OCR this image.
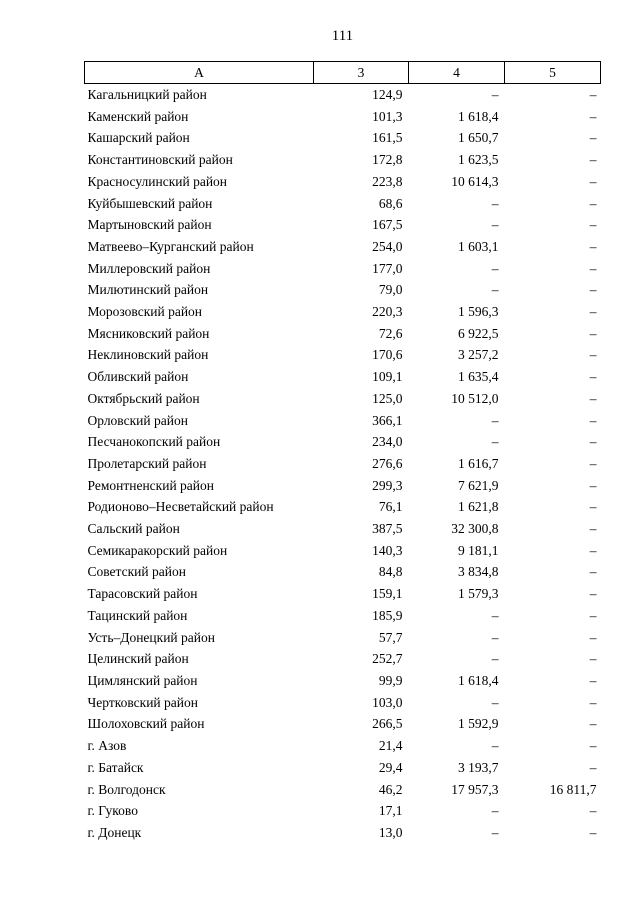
111
А	3	4	5
Кагальницкий район	124,9	–	–
Каменский район	101,3	1 618,4	–
Кашарский район	161,5	1 650,7	–
Константиновский район	172,8	1 623,5	–
Красносулинский район	223,8	10 614,3	–
Куйбышевский район	68,6	–	–
Мартыновский район	167,5	–	–
Матвеево–Курганский район	254,0	1 603,1	–
Миллеровский район	177,0	–	–
Милютинский район	79,0	–	–
Морозовский район	220,3	1 596,3	–
Мясниковский район	72,6	6 922,5	–
Неклиновский район	170,6	3 257,2	–
Обливский район	109,1	1 635,4	–
Октябрьский район	125,0	10 512,0	–
Орловский район	366,1	–	–
Песчанокопский район	234,0	–	–
Пролетарский район	276,6	1 616,7	–
Ремонтненский район	299,3	7 621,9	–
Родионово–Несветайский район	76,1	1 621,8	–
Сальский район	387,5	32 300,8	–
Семикаракорский район	140,3	9 181,1	–
Советский район	84,8	3 834,8	–
Тарасовский район	159,1	1 579,3	–
Тацинский район	185,9	–	–
Усть–Донецкий район	57,7	–	–
Целинский район	252,7	–	–
Цимлянский район	99,9	1 618,4	–
Чертковский район	103,0	–	–
Шолоховский район	266,5	1 592,9	–
г. Азов	21,4	–	–
г. Батайск	29,4	3 193,7	–
г. Волгодонск	46,2	17 957,3	16 811,7
г. Гуково	17,1	–	–
г. Донецк	13,0	–	–
